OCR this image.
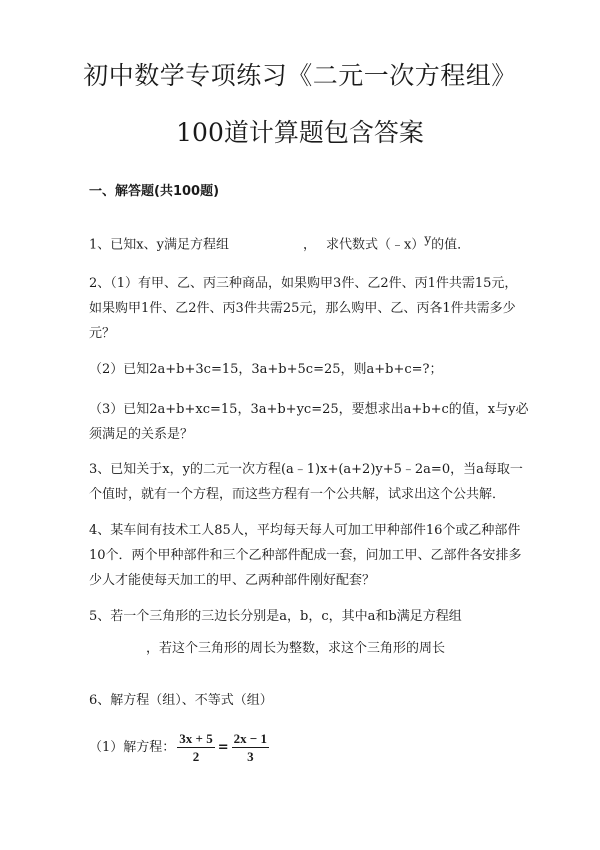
初中数学专项练习《二元一次方程组》
100道计算题包含答案
一、解答题(共100题)
1、已知x、y满足方程组	， 求代数式（﹣x）$^y$的值．
2、（1）有甲、乙、丙三种商品，如果购甲3件、乙2件、丙1件共需15元，如果购甲1件、乙2件、丙3件共需25元，那么购甲、乙、丙各1件共需多少元？
（2）已知2a+b+3c=15，3a+b+5c=25，则a+b+c=?；
（3）已知2a+b+xc=15，3a+b+yc=25，要想求出a+b+c的值，x与y必须满足的关系是？
3、已知关于x，y的二元一次方程(a﹣1)x+(a+2)y+5﹣2a=0，当a每取一个值时，就有一个方程，而这些方程有一个公共解，试求出这个公共解．
4、某车间有技术工人85人，平均每天每人可加工甲种部件16个或乙种部件10个．两个甲种部件和三个乙种部件配成一套，问加工甲、乙部件各安排多少人才能使每天加工的甲、乙两种部件刚好配套？
5、若一个三角形的三边长分别是a，b，c，其中a和b满足方程组
，若这个三角形的周长为整数，求这个三角形的周长
6、解方程（组）、不等式（组）
（1）解方程： $\frac{3x + 5}{2} = \frac{2x - 1}{3}$
